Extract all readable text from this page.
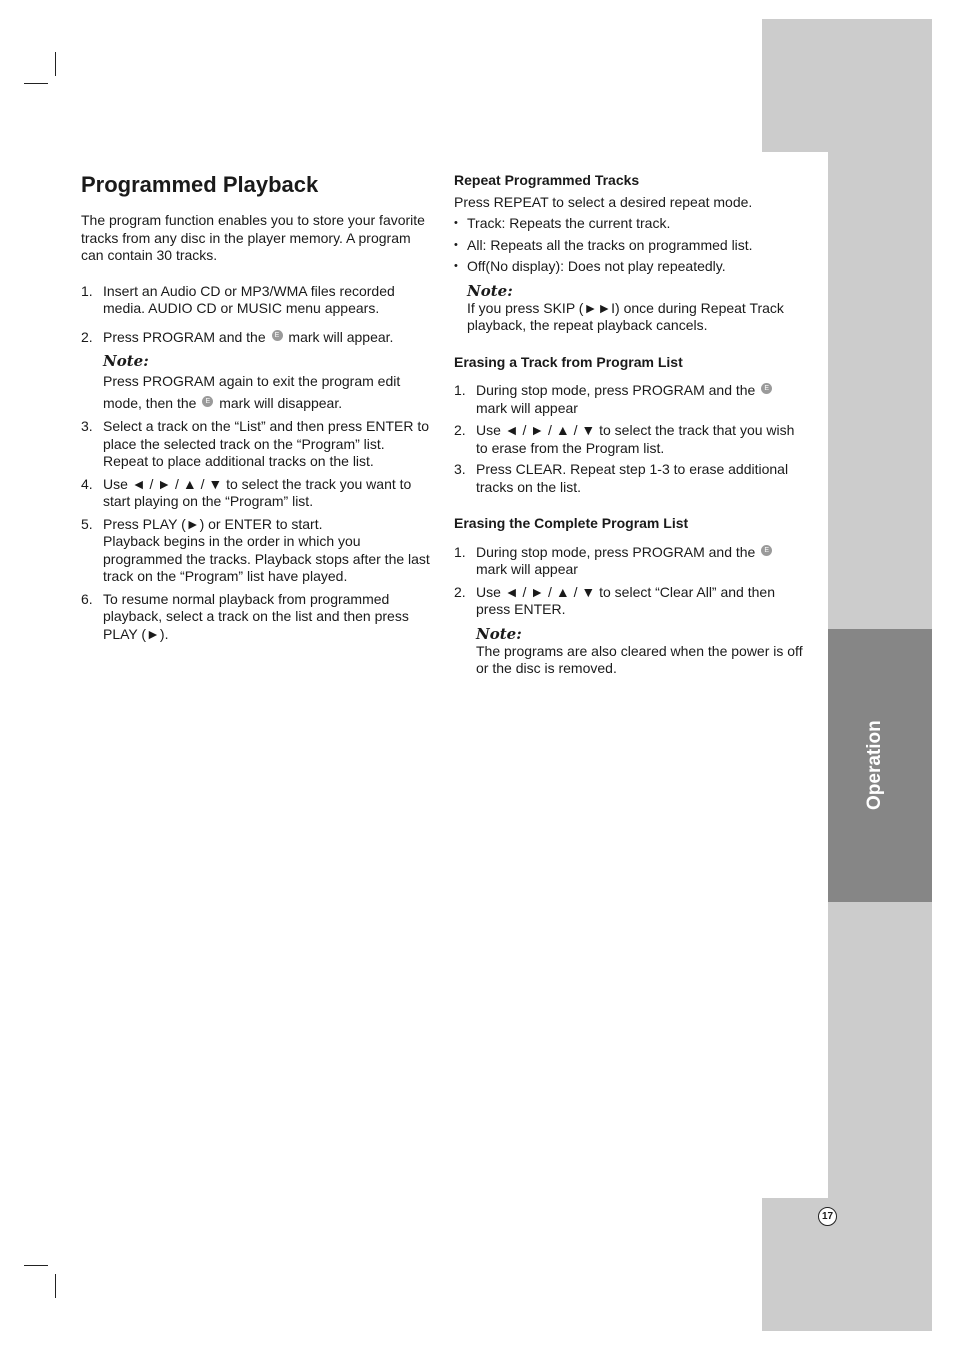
17
Programmed Playback

The program function enables you to store your favorite tracks from any disc in the player memory. A program can contain 30 tracks.

1. Insert an Audio CD or MP3/WMA files recorded media. AUDIO CD or MUSIC menu appears.
2. Press PROGRAM and the E mark will appear.
Note:
Press PROGRAM again to exit the program edit mode, then the E mark will disappear.
3. Select a track on the “List” and then press ENTER to place the selected track on the “Program” list. Repeat to place additional tracks on the list.
4. Use ◄ / ► / ▲ / ▼ to select the track you want to start playing on the “Program” list.
5. Press PLAY (►) or ENTER to start.
Playback begins in the order in which you programmed the tracks. Playback stops after the last track on the “Program” list have played.
6. To resume normal playback from programmed playback, select a track on the list and then press PLAY (►).
Repeat Programmed Tracks

Press REPEAT to select a desired repeat mode.

• Track: Repeats the current track.
• All: Repeats all the tracks on programmed list.
• Off(No display): Does not play repeatedly.
Note:
If you press SKIP (►►I) once during Repeat Track playback, the repeat playback cancels.
Erasing a Track from Program List
1. During stop mode, press PROGRAM and the E mark will appear
2. Use ◄ / ► / ▲ / ▼ to select the track that you wish to erase from the Program list.
3. Press CLEAR. Repeat step 1-3 to erase additional tracks on the list.
Erasing the Complete Program List
1. During stop mode, press PROGRAM and the E mark will appear
2. Use ◄ / ► / ▲ / ▼ to select “Clear All” and then press ENTER.
Note:
The programs are also cleared when the power is off or the disc is removed.
